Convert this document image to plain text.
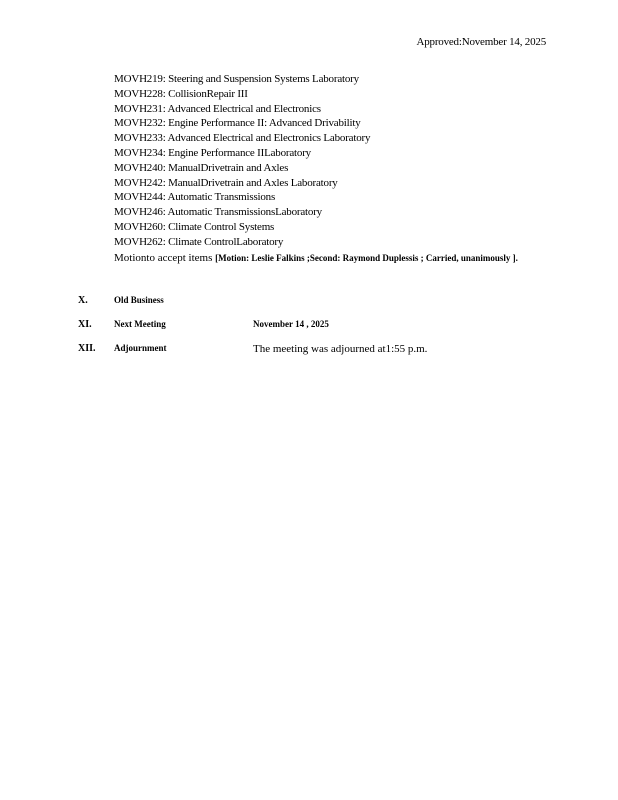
Approved:November 14, 2025
MOVH219: Steering and Suspension Systems Laboratory
MOVH228: CollisionRepair III
MOVH231: Advanced Electrical and Electronics
MOVH232: Engine Performance II: Advanced Drivability
MOVH233: Advanced Electrical and Electronics Laboratory
MOVH234: Engine Performance IILaboratory
MOVH240: ManualDrivetrain and Axles
MOVH242: ManualDrivetrain and Axles Laboratory
MOVH244: Automatic Transmissions
MOVH246: Automatic TransmissionsLaboratory
MOVH260: Climate Control Systems
MOVH262: Climate ControlLaboratory
Motionto accept items [Motion: Leslie Falkins ;Second: Raymond Duplessis ; Carried, unanimously ].
X.	Old Business
XI. Next Meeting	November 14 , 2025
XII. Adjournment	The meeting was adjourned at1:55 p.m.
